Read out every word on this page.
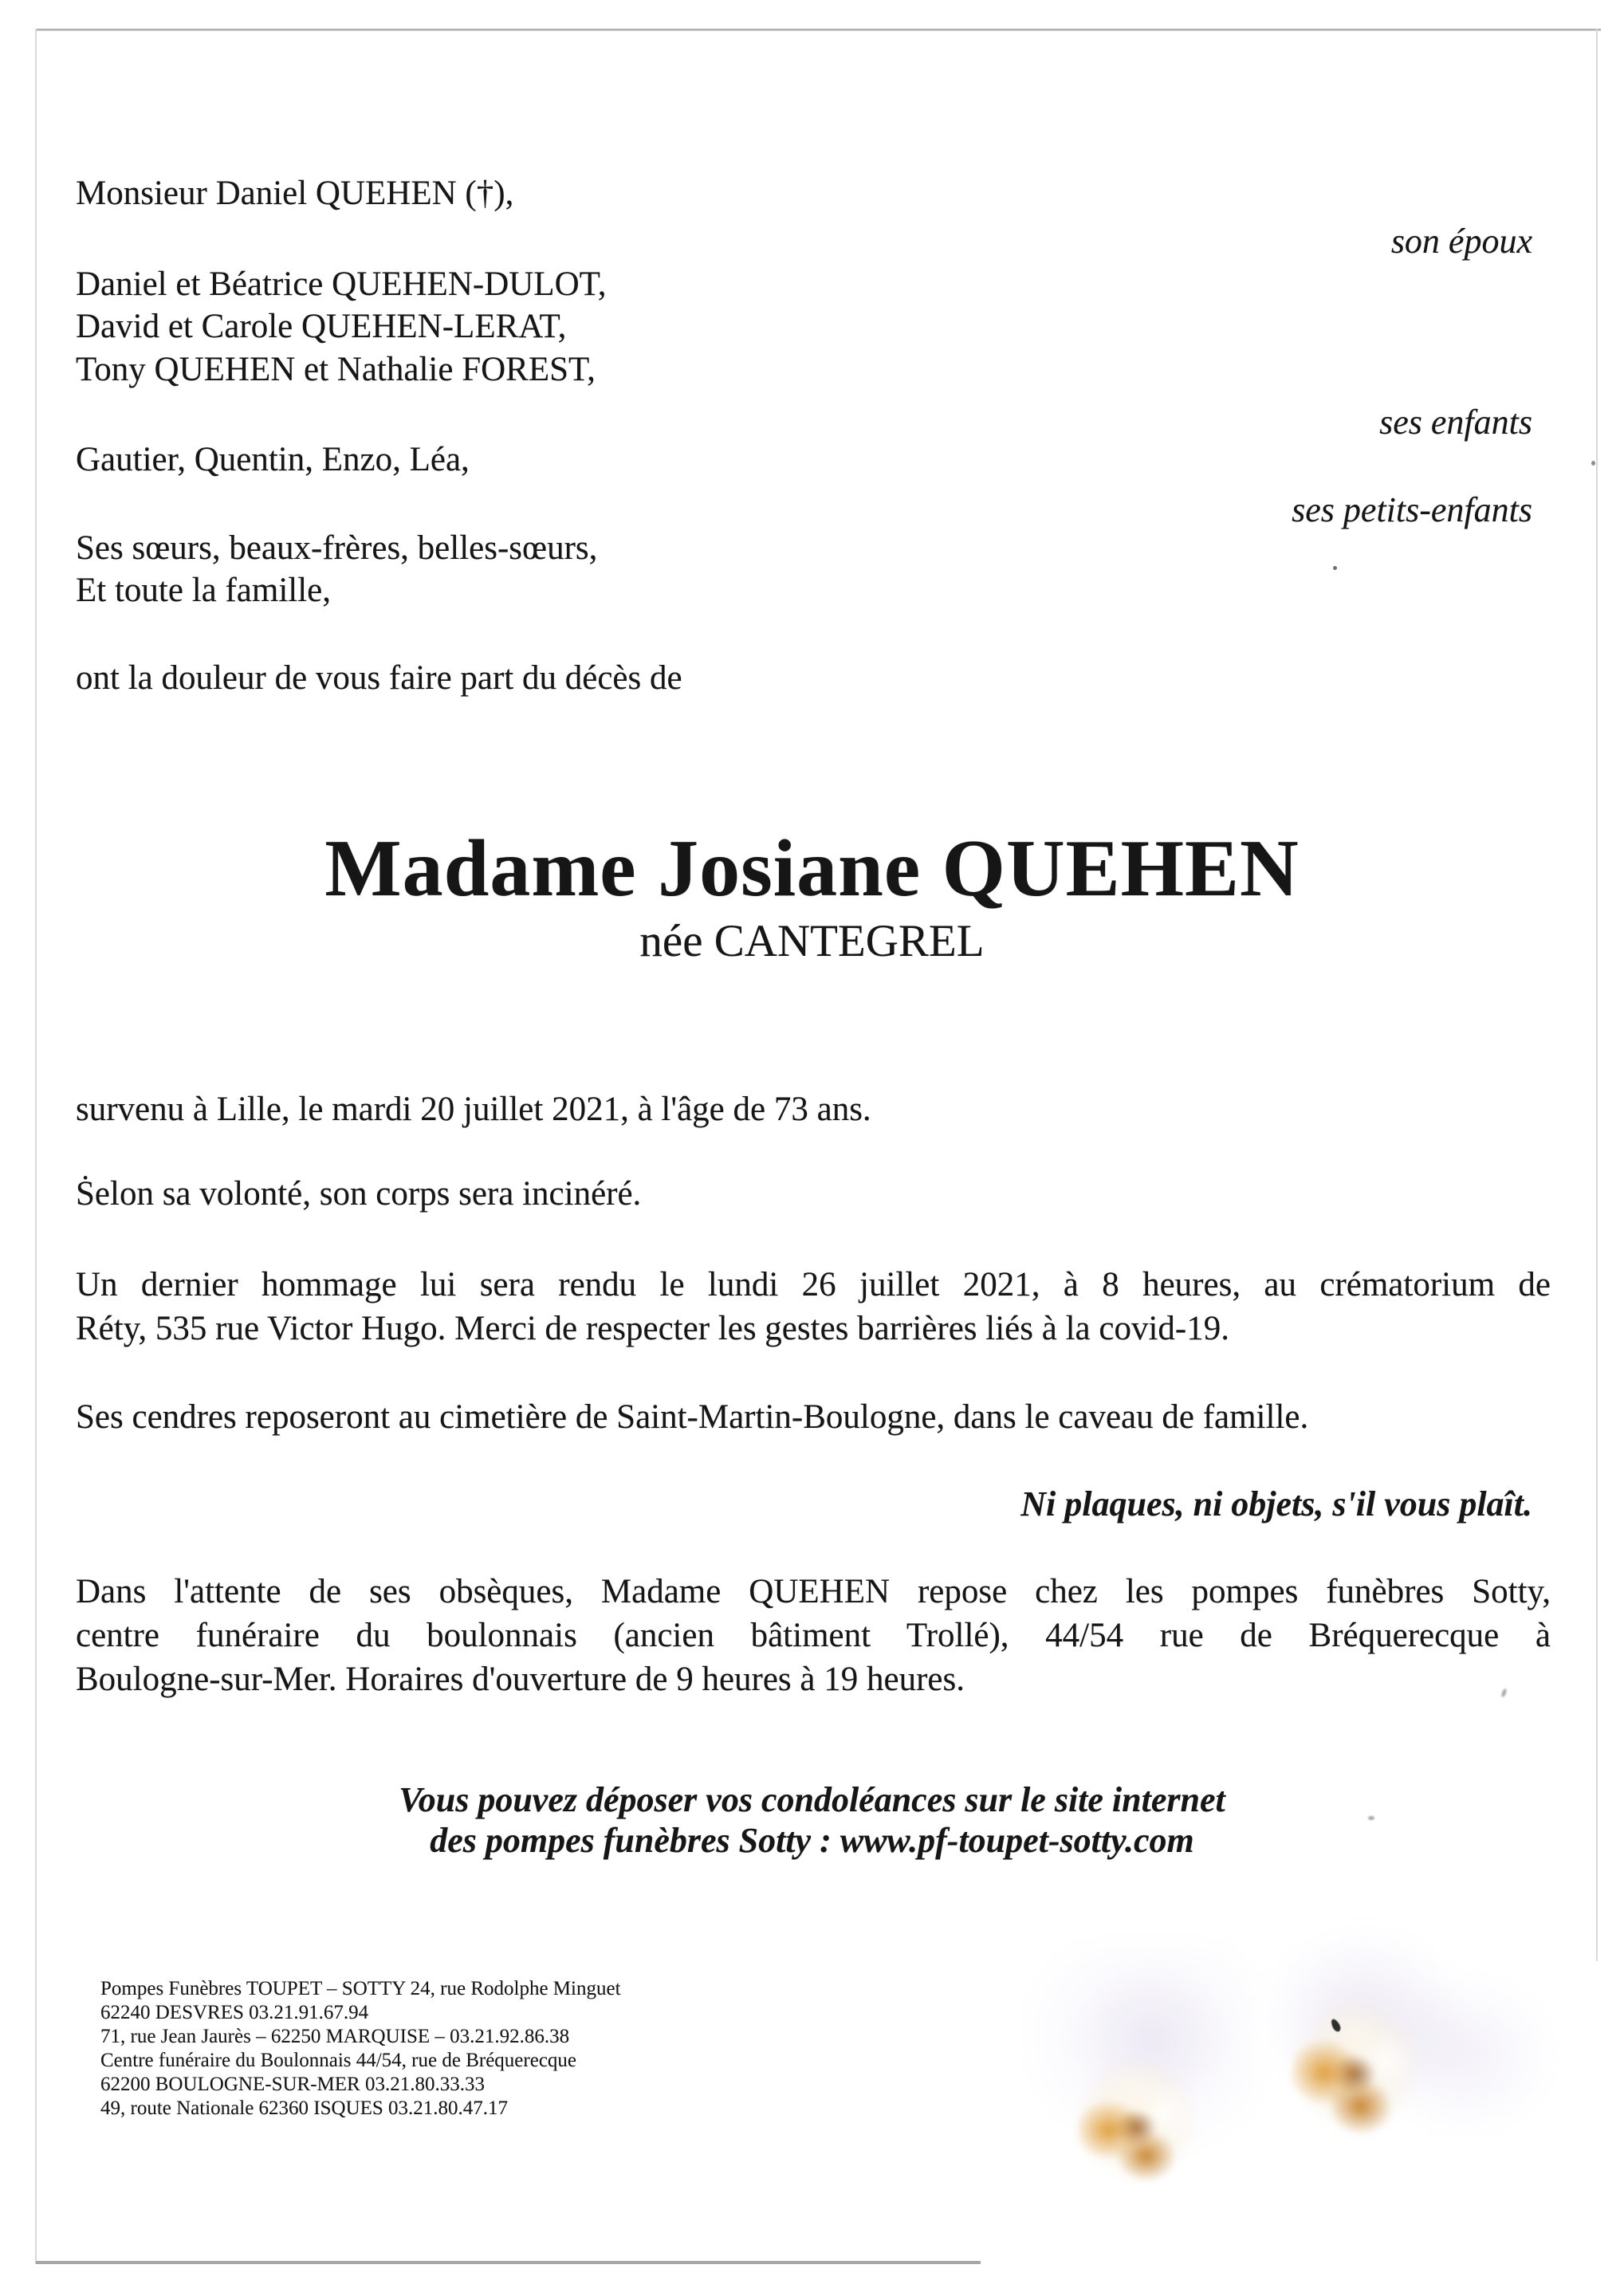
Monsieur Daniel QUEHEN (†),
son époux
Daniel et Béatrice QUEHEN-DULOT,
David et Carole QUEHEN-LERAT,
Tony QUEHEN et Nathalie FOREST,
ses enfants
Gautier, Quentin, Enzo, Léa,
ses petits-enfants
Ses sœurs, beaux-frères, belles-sœurs,
Et toute la famille,
ont la douleur de vous faire part du décès de
Madame Josiane QUEHEN
née CANTEGREL
survenu à Lille, le mardi 20 juillet 2021, à l'âge de 73 ans.
Ṡelon sa volonté, son corps sera incinéré.
Un dernier hommage lui sera rendu le lundi 26 juillet 2021, à 8 heures, au crématorium de
Réty, 535 rue Victor Hugo. Merci de respecter les gestes barrières liés à la covid-19.
Ses cendres reposeront au cimetière de Saint-Martin-Boulogne, dans le caveau de famille.
Ni plaques, ni objets, s'il vous plaît.
Dans l'attente de ses obsèques, Madame QUEHEN repose chez les pompes funèbres Sotty,
centre funéraire du boulonnais (ancien bâtiment Trollé), 44/54 rue de Bréquerecque à
Boulogne-sur-Mer. Horaires d'ouverture de 9 heures à 19 heures.
Vous pouvez déposer vos condoléances sur le site internet
des pompes funèbres Sotty : www.pf-toupet-sotty.com
Pompes Funèbres TOUPET – SOTTY 24, rue Rodolphe Minguet
62240 DESVRES 03.21.91.67.94
71, rue Jean Jaurès – 62250 MARQUISE – 03.21.92.86.38
Centre funéraire du Boulonnais 44/54, rue de Bréquerecque
62200 BOULOGNE-SUR-MER 03.21.80.33.33
49, route Nationale 62360 ISQUES 03.21.80.47.17
